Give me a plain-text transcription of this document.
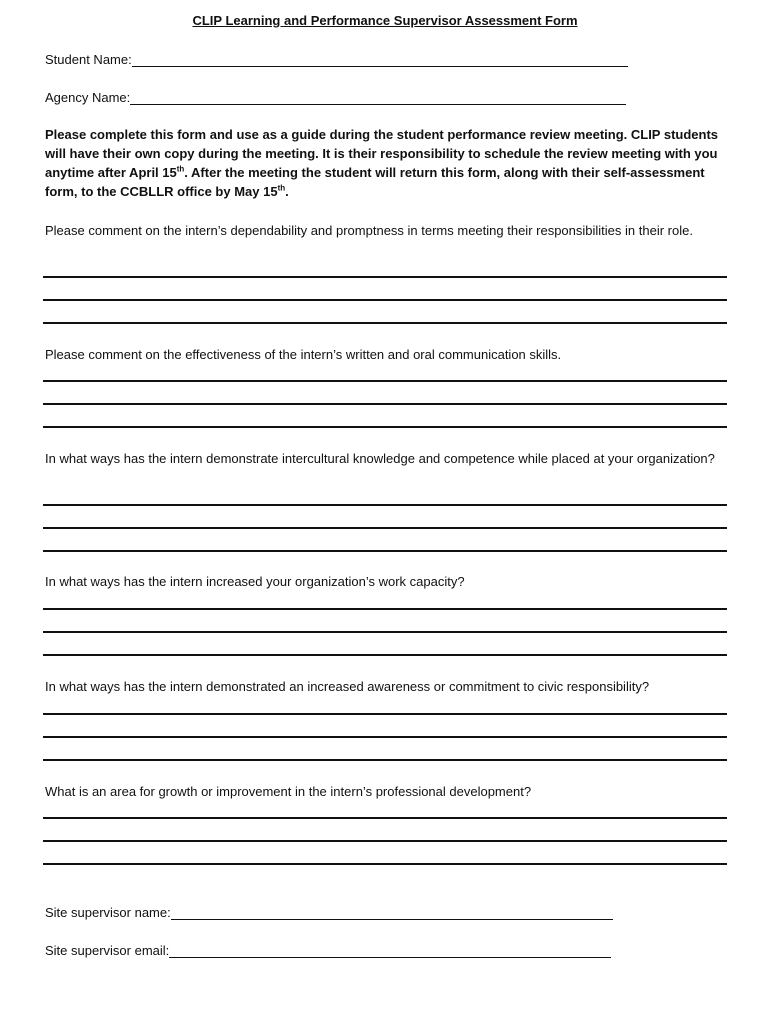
CLIP Learning and Performance Supervisor Assessment Form
Student Name:
Agency Name:
Please complete this form and use as a guide during the student performance review meeting. CLIP students will have their own copy during the meeting. It is their responsibility to schedule the review meeting with you anytime after April 15th. After the meeting the student will return this form, along with their self-assessment form, to the CCBLLR office by May 15th.
Please comment on the intern’s dependability and promptness in terms meeting their responsibilities in their role.
Please comment on the effectiveness of the intern’s written and oral communication skills.
In what ways has the intern demonstrate intercultural knowledge and competence while placed at your organization?
In what ways has the intern increased your organization’s work capacity?
In what ways has the intern demonstrated an increased awareness or commitment to civic responsibility?
What is an area for growth or improvement in the intern’s professional development?
Site supervisor name:
Site supervisor email:
